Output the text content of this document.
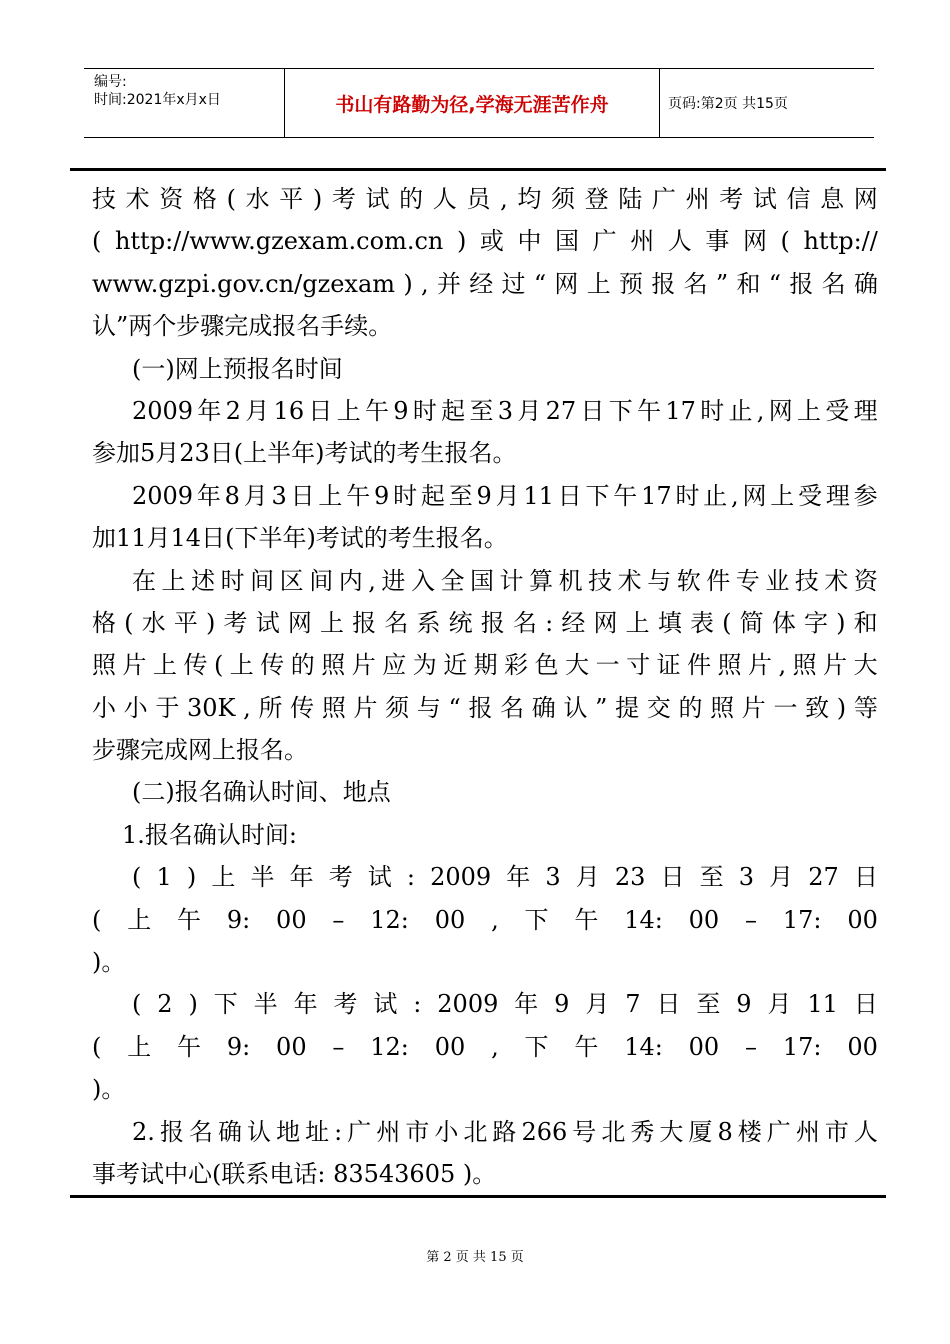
编号:
时间:2021年x月x日	书山有路勤为径,学海无涯苦作舟	页码:第2页 共15页
技 术 资 格 ( 水 平 ) 考 试 的 人 员 , 均 须 登 陆 广 州 考 试 信 息 网
( http://www.gzexam.com.cn ) 或 中 国 广 州 人 事 网 ( http://
www.gzpi.gov.cn/gzexam ) , 并 经 过 “ 网 上 预 报 名 ” 和 “ 报 名 确
认”两个步骤完成报名手续。
(一)网上预报名时间
2009 年 2 月 16 日 上 午 9 时 起 至 3 月 27 日 下 午 17 时 止 , 网 上 受 理
参加5月23日(上半年)考试的考生报名。
2009 年 8 月 3 日 上 午 9 时 起 至 9 月 11 日 下 午 17 时 止 , 网 上 受 理 参
加11月14日(下半年)考试的考生报名。
在 上 述 时 间 区 间 内 , 进 入 全 国 计 算 机 技 术 与 软 件 专 业 技 术 资
格 ( 水 平 ) 考 试 网 上 报 名 系 统 报 名 : 经 网 上 填 表 ( 简 体 字 ) 和
照 片 上 传 ( 上 传 的 照 片 应 为 近 期 彩 色 大 一 寸 证 件 照 片 , 照 片 大
小 小 于 30K , 所 传 照 片 须 与 “ 报 名 确 认 ” 提 交 的 照 片 一 致 ) 等
步骤完成网上报名。
(二)报名确认时间、地点
1.报名确认时间:
( 1 ) 上 半 年 考 试 : 2009 年 3 月 23 日 至 3 月 27 日
( 上 午 9: 00 – 12: 00 , 下 午 14: 00 – 17: 00
)。
( 2 ) 下 半 年 考 试 : 2009 年 9 月 7 日 至 9 月 11 日
( 上 午 9: 00 – 12: 00 , 下 午 14: 00 – 17: 00
)。
2. 报 名 确 认 地 址 : 广 州 市 小 北 路 266 号 北 秀 大 厦 8 楼 广 州 市 人
事考试中心(联系电话: 83543605 )。
第 2 页 共 15 页
